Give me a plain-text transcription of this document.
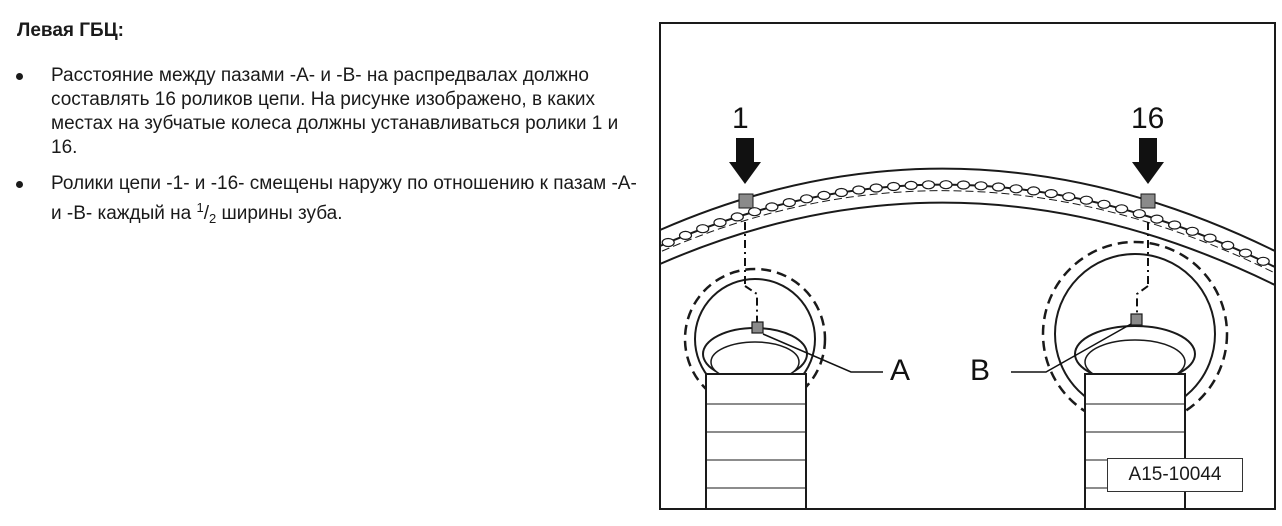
Левая ГБЦ:
Расстояние между пазами -A- и -B- на распредвалах должно составлять 16 роликов цепи. На рисунке изображено, в каких местах на зубчатые колеса должны устанавливаться ролики 1 и 16.
Ролики цепи -1- и -16- смещены наружу по отношению к пазам -A- и -B- каждый на 1/2 ширины зуба.
1	16
A B
A15-10044
